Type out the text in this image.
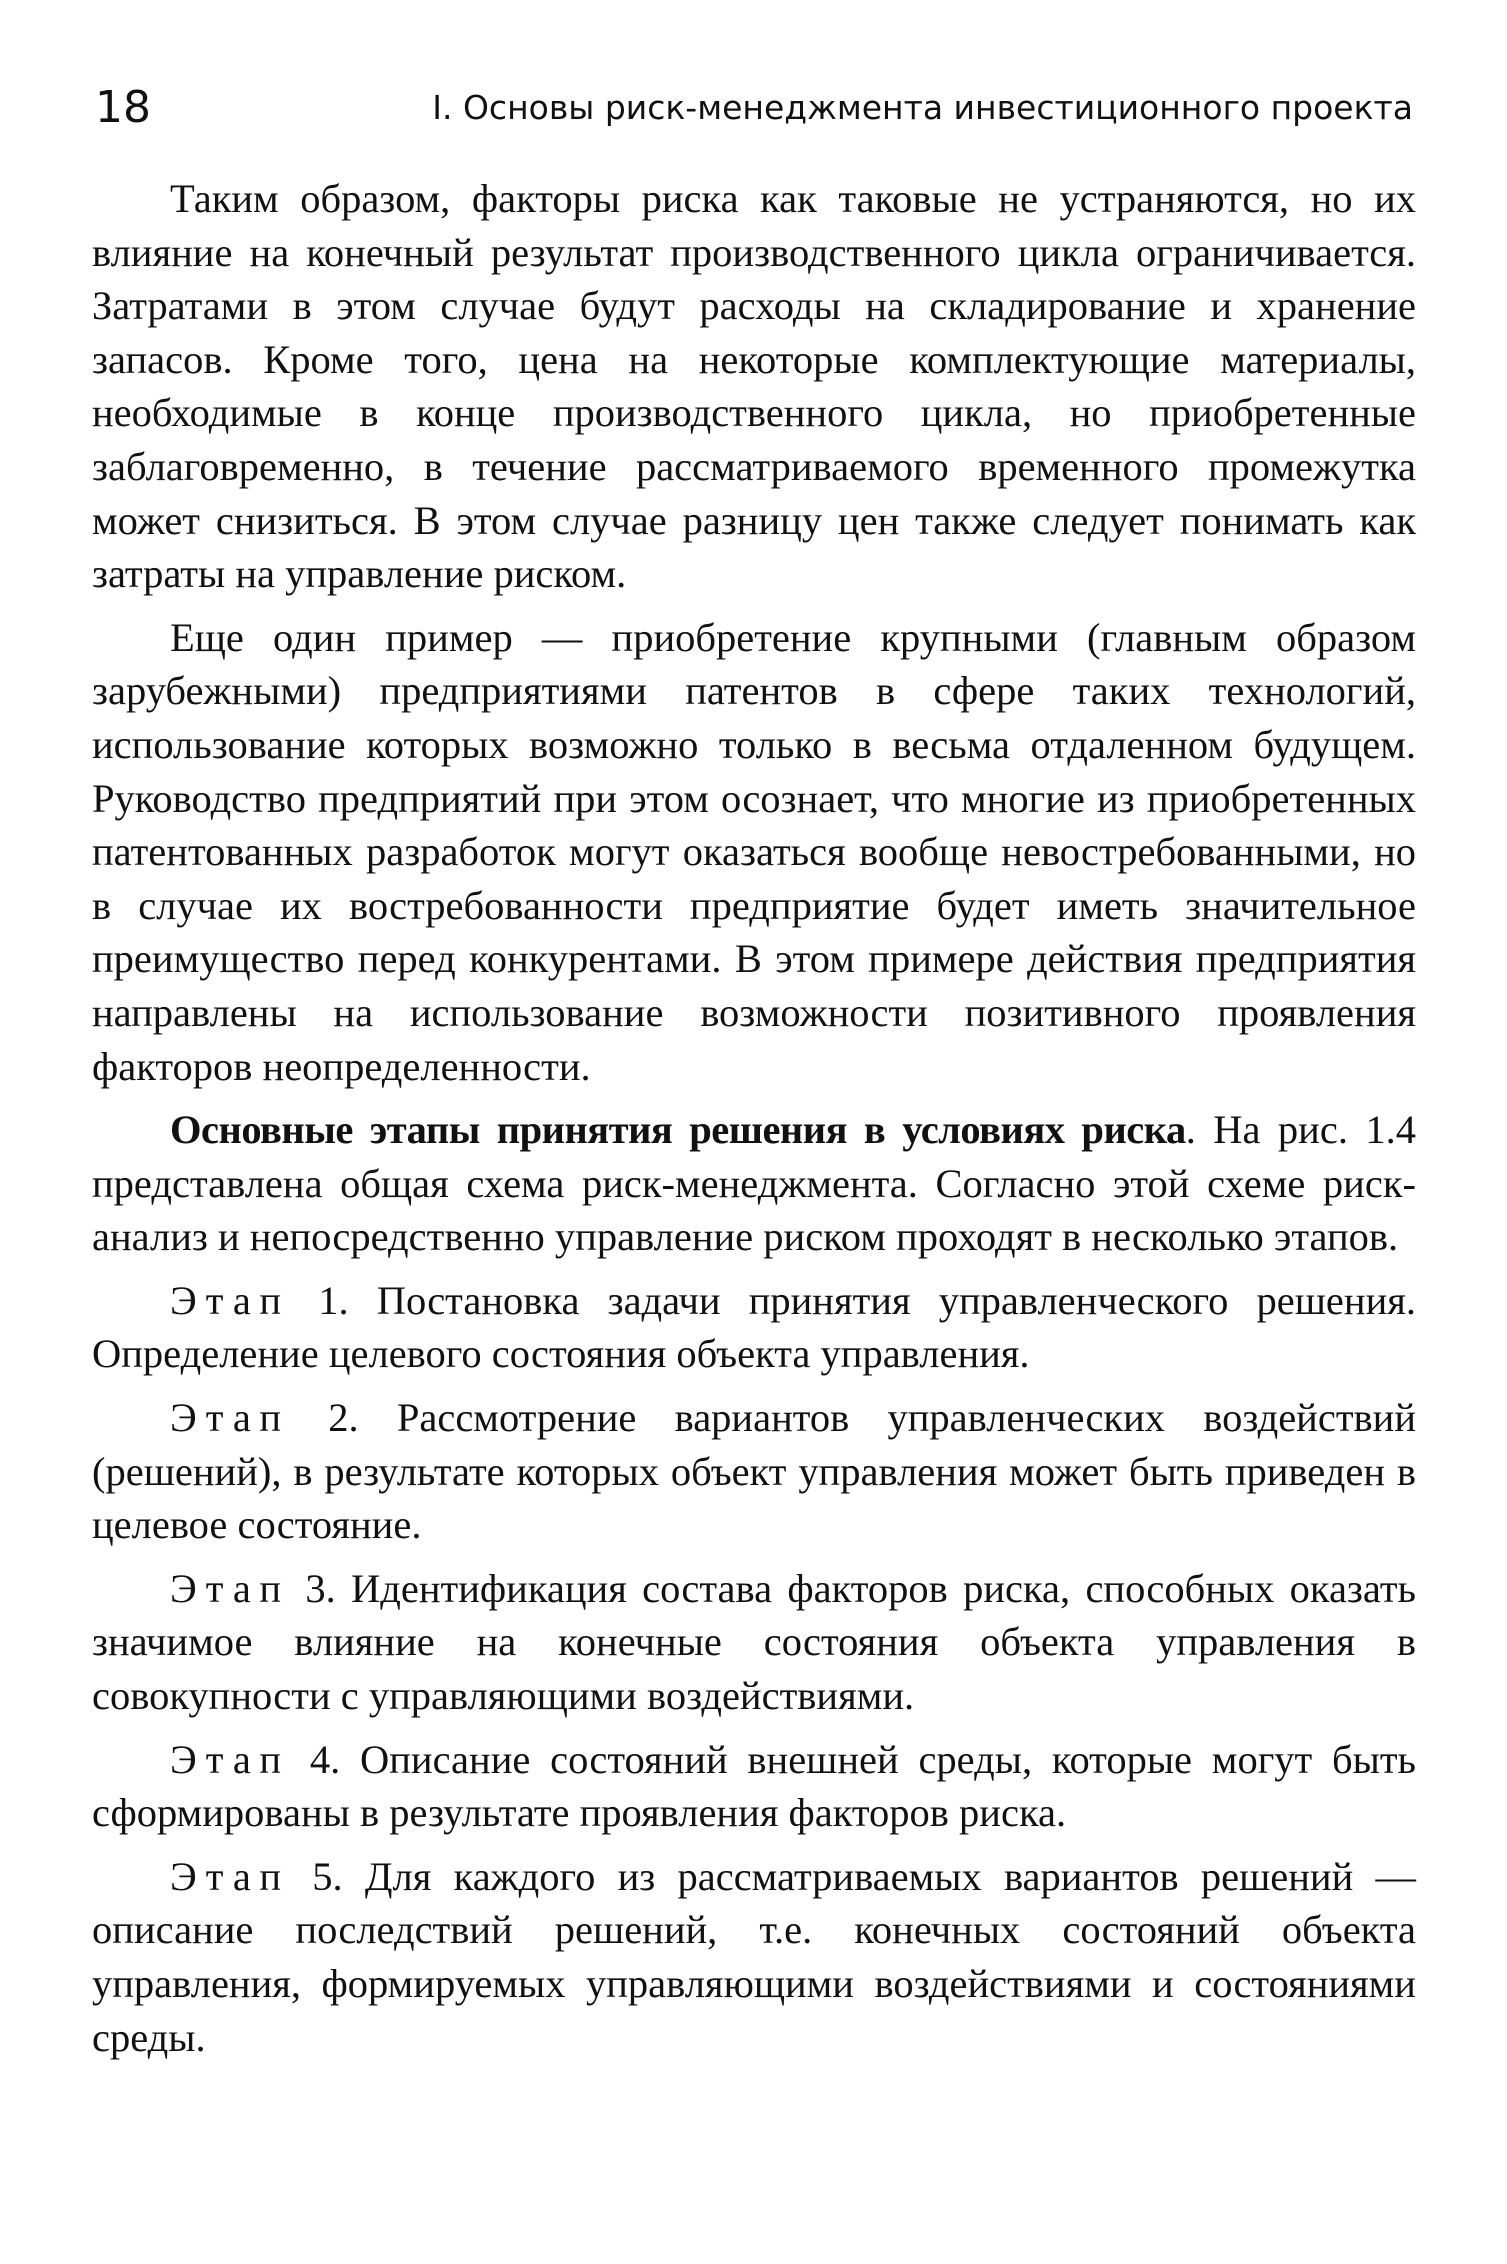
18	I. Основы риск-менеджмента инвестиционного проекта

Таким образом, факторы риска как таковые не устраняются, но их влияние на конечный результат производственного цикла ограничивается. Затратами в этом случае будут расходы на складирование и хранение запасов. Кроме того, цена на некоторые комплектующие материалы, необходимые в конце производственного цикла, но приобретенные заблаговременно, в течение рассматриваемого временного промежутка может снизиться. В этом случае разницу цен также следует понимать как затраты на управление риском.

Еще один пример — приобретение крупными (главным образом зарубежными) предприятиями патентов в сфере таких технологий, использование которых возможно только в весьма отдаленном будущем. Руководство предприятий при этом осознает, что многие из приобретенных патентованных разработок могут оказаться вообще невостребованными, но в случае их востребованности предприятие будет иметь значительное преимущество перед конкурентами. В этом примере действия предприятия направлены на использование возможности позитивного проявления факторов неопределенности.

Основные этапы принятия решения в условиях риска. На рис. 1.4 представлена общая схема риск-менеджмента. Согласно этой схеме риск-анализ и непосредственно управление риском проходят в несколько этапов.

Этап 1. Постановка задачи принятия управленческого решения. Определение целевого состояния объекта управления.

Этап 2. Рассмотрение вариантов управленческих воздействий (решений), в результате которых объект управления может быть приведен в целевое состояние.

Этап 3. Идентификация состава факторов риска, способных оказать значимое влияние на конечные состояния объекта управления в совокупности с управляющими воздействиями.

Этап 4. Описание состояний внешней среды, которые могут быть сформированы в результате проявления факторов риска.

Этап 5. Для каждого из рассматриваемых вариантов решений — описание последствий решений, т.е. конечных состояний объекта управления, формируемых управляющими воздействиями и состояниями среды.
